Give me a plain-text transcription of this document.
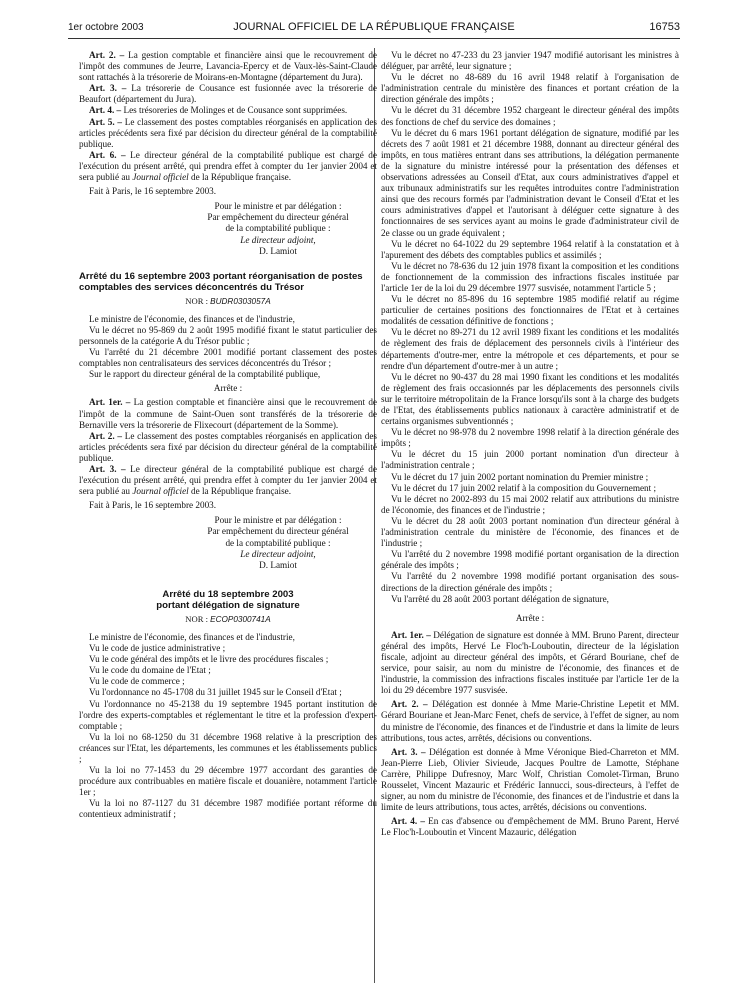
1er octobre 2003	JOURNAL OFFICIEL DE LA RÉPUBLIQUE FRANÇAISE	16753

Art. 2. – La gestion comptable et financière ainsi que le recouvrement de l'impôt des communes de Jeurre, Lavancia-Epercy et de Vaux-lès-Saint-Claude sont rattachés à la trésorerie de Moirans-en-Montagne (département du Jura).

Art. 3. – La trésorerie de Cousance est fusionnée avec la trésorerie de Beaufort (département du Jura).

Art. 4. – Les trésoreries de Molinges et de Cousance sont supprimées.

Art. 5. – Le classement des postes comptables réorganisés en application des articles précédents sera fixé par décision du directeur général de la comptabilité publique.

Art. 6. – Le directeur général de la comptabilité publique est chargé de l'exécution du présent arrêté, qui prendra effet à compter du 1er janvier 2004 et sera publié au Journal officiel de la République française.

Fait à Paris, le 16 septembre 2003.

Pour le ministre et par délégation :

Par empêchement du directeur général

de la comptabilité publique :

Le directeur adjoint,

D. Lamiot

Arrêté du 16 septembre 2003 portant réorganisation de postes comptables des services déconcentrés du Trésor

NOR : BUDR0303057A

Le ministre de l'économie, des finances et de l'industrie,

Vu le décret no 95-869 du 2 août 1995 modifié fixant le statut particulier des personnels de la catégorie A du Trésor public ;

Vu l'arrêté du 21 décembre 2001 modifié portant classement des postes comptables non centralisateurs des services déconcentrés du Trésor ;

Sur le rapport du directeur général de la comptabilité publique,

Arrête :

Art. 1er. – La gestion comptable et financière ainsi que le recouvrement de l'impôt de la commune de Saint-Ouen sont transférés de la trésorerie de Bernaville vers la trésorerie de Flixecourt (département de la Somme).

Art. 2. – Le classement des postes comptables réorganisés en application des articles précédents sera fixé par décision du directeur général de la comptabilité publique.

Art. 3. – Le directeur général de la comptabilité publique est chargé de l'exécution du présent arrêté, qui prendra effet à compter du 1er janvier 2004 et sera publié au Journal officiel de la République française.

Fait à Paris, le 16 septembre 2003.

Pour le ministre et par délégation :

Par empêchement du directeur général

de la comptabilité publique :

Le directeur adjoint,

D. Lamiot

Arrêté du 18 septembre 2003

portant délégation de signature

NOR : ECOP0300741A

Le ministre de l'économie, des finances et de l'industrie,

Vu le code de justice administrative ;

Vu le code général des impôts et le livre des procédures fiscales ;

Vu le code du domaine de l'Etat ;

Vu le code de commerce ;

Vu l'ordonnance no 45-1708 du 31 juillet 1945 sur le Conseil d'Etat ;

Vu l'ordonnance no 45-2138 du 19 septembre 1945 portant institution de l'ordre des experts-comptables et réglementant le titre et la profession d'expert-comptable ;

Vu la loi no 68-1250 du 31 décembre 1968 relative à la prescription des créances sur l'Etat, les départements, les communes et les établissements publics ;

Vu la loi no 77-1453 du 29 décembre 1977 accordant des garanties de procédure aux contribuables en matière fiscale et douanière, notamment l'article 1er ;

Vu la loi no 87-1127 du 31 décembre 1987 modifiée portant réforme du contentieux administratif ;

Vu le décret no 47-233 du 23 janvier 1947 modifié autorisant les ministres à déléguer, par arrêté, leur signature ;

Vu le décret no 48-689 du 16 avril 1948 relatif à l'organisation de l'administration centrale du ministère des finances et portant création de la direction générale des impôts ;

Vu le décret du 31 décembre 1952 chargeant le directeur général des impôts des fonctions de chef du service des domaines ;

Vu le décret du 6 mars 1961 portant délégation de signature, modifié par les décrets des 7 août 1981 et 21 décembre 1988, donnant au directeur général des impôts, en tous matières entrant dans ses attributions, la délégation permanente de la signature du ministre intéressé pour la présentation des défenses et observations adressées au Conseil d'Etat, aux cours administratives d'appel et aux tribunaux administratifs sur les requêtes introduites contre l'administration ainsi que des recours formés par l'administration devant le Conseil d'Etat et les cours administratives d'appel et l'autorisant à déléguer cette signature à des fonctionnaires de ses services ayant au moins le grade d'administrateur civil de 2e classe ou un grade équivalent ;

Vu le décret no 64-1022 du 29 septembre 1964 relatif à la constatation et à l'apurement des débets des comptables publics et assimilés ;

Vu le décret no 78-636 du 12 juin 1978 fixant la composition et les conditions de fonctionnement de la commission des infractions fiscales instituée par l'article 1er de la loi du 29 décembre 1977 susvisée, notamment l'article 5 ;

Vu le décret no 85-896 du 16 septembre 1985 modifié relatif au régime particulier de certaines positions des fonctionnaires de l'Etat et à certaines modalités de cessation définitive de fonctions ;

Vu le décret no 89-271 du 12 avril 1989 fixant les conditions et les modalités de règlement des frais de déplacement des personnels civils à l'intérieur des départements d'outre-mer, entre la métropole et ces départements, et pour se rendre d'un département d'outre-mer à un autre ;

Vu le décret no 90-437 du 28 mai 1990 fixant les conditions et les modalités de règlement des frais occasionnés par les déplacements des personnels civils sur le territoire métropolitain de la France lorsqu'ils sont à la charge des budgets de l'Etat, des établissements publics nationaux à caractère administratif et de certains organismes subventionnés ;

Vu le décret no 98-978 du 2 novembre 1998 relatif à la direction générale des impôts ;

Vu le décret du 15 juin 2000 portant nomination d'un directeur à l'administration centrale ;

Vu le décret du 17 juin 2002 portant nomination du Premier ministre ;

Vu le décret du 17 juin 2002 relatif à la composition du Gouvernement ;

Vu le décret no 2002-893 du 15 mai 2002 relatif aux attributions du ministre de l'économie, des finances et de l'industrie ;

Vu le décret du 28 août 2003 portant nomination d'un directeur général à l'administration centrale du ministère de l'économie, des finances et de l'industrie ;

Vu l'arrêté du 2 novembre 1998 modifié portant organisation de la direction générale des impôts ;

Vu l'arrêté du 2 novembre 1998 modifié portant organisation des sous-directions de la direction générale des impôts ;

Vu l'arrêté du 28 août 2003 portant délégation de signature,

Arrête :

Art. 1er. – Délégation de signature est donnée à MM. Bruno Parent, directeur général des impôts, Hervé Le Floc'h-Louboutin, directeur de la législation fiscale, adjoint au directeur général des impôts, et Gérard Bouriane, chef de service, pour saisir, au nom du ministre de l'économie, des finances et de l'industrie, la commission des infractions fiscales instituée par l'article 1er de la loi du 29 décembre 1977 susvisée.

Art. 2. – Délégation est donnée à Mme Marie-Christine Lepetit et MM. Gérard Bouriane et Jean-Marc Fenet, chefs de service, à l'effet de signer, au nom du ministre de l'économie, des finances et de l'industrie et dans la limite de leurs attributions, tous actes, arrêtés, décisions ou conventions.

Art. 3. – Délégation est donnée à Mme Véronique Bied-Charreton et MM. Jean-Pierre Lieb, Olivier Sivieude, Jacques Poultre de Lamotte, Stéphane Carrère, Philippe Dufresnoy, Marc Wolf, Christian Comolet-Tirman, Bruno Rousselet, Vincent Mazauric et Frédéric Iannucci, sous-directeurs, à l'effet de signer, au nom du ministre de l'économie, des finances et de l'industrie et dans la limite de leurs attributions, tous actes, arrêtés, décisions ou conventions.

Art. 4. – En cas d'absence ou d'empêchement de MM. Bruno Parent, Hervé Le Floc'h-Louboutin et Vincent Mazauric, délégation
